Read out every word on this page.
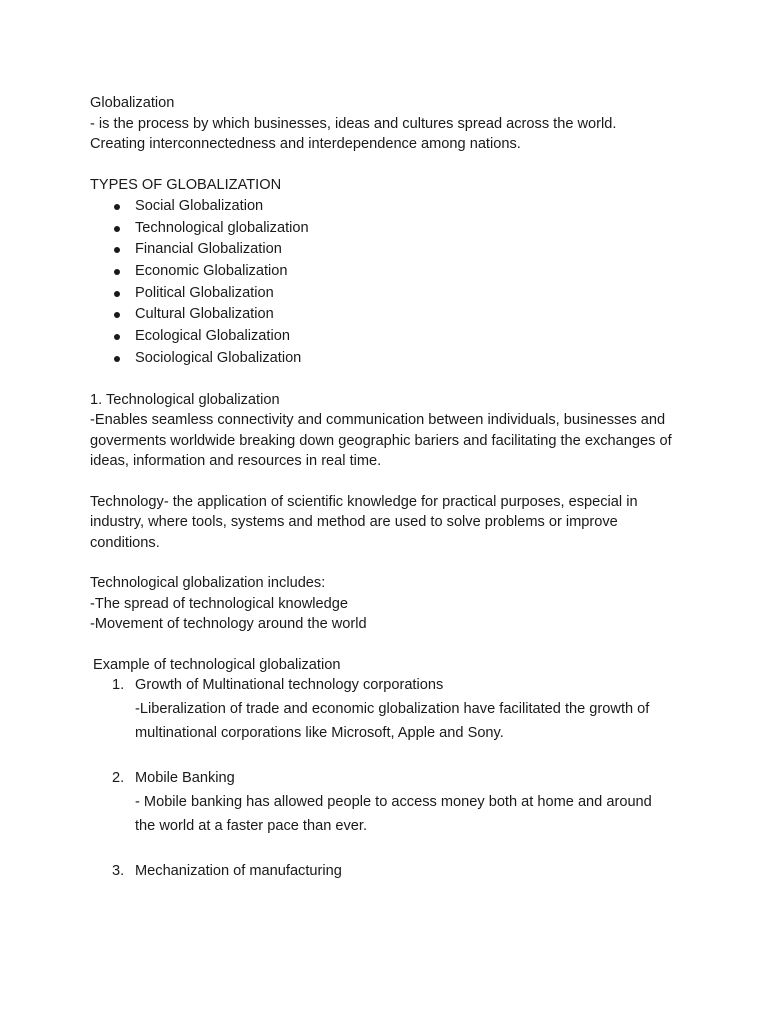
Globalization

- is the process by which businesses, ideas and cultures spread across the world.

Creating interconnectedness and interdependence among nations.

TYPES OF GLOBALIZATION

Social Globalization
Technological globalization
Financial Globalization
Economic Globalization
Political Globalization
Cultural Globalization
Ecological Globalization
Sociological Globalization

1. Technological globalization

-Enables seamless connectivity and communication between individuals, businesses and

goverments worldwide breaking down geographic bariers and facilitating the exchanges of

ideas, information and resources in real time.

Technology- the application of scientific knowledge for practical purposes, especial in

industry, where tools, systems and method are used to solve problems or improve

conditions.

Technological globalization includes:

-The spread of technological knowledge

-Movement of technology around the world

Example of technological globalization

1. Growth of Multinational technology corporations
-Liberalization of trade and economic globalization have facilitated the growth of
multinational corporations like Microsoft, Apple and Sony.
2. Mobile Banking
- Mobile banking has allowed people to access money both at home and around
the world at a faster pace than ever.
3. Mechanization of manufacturing
